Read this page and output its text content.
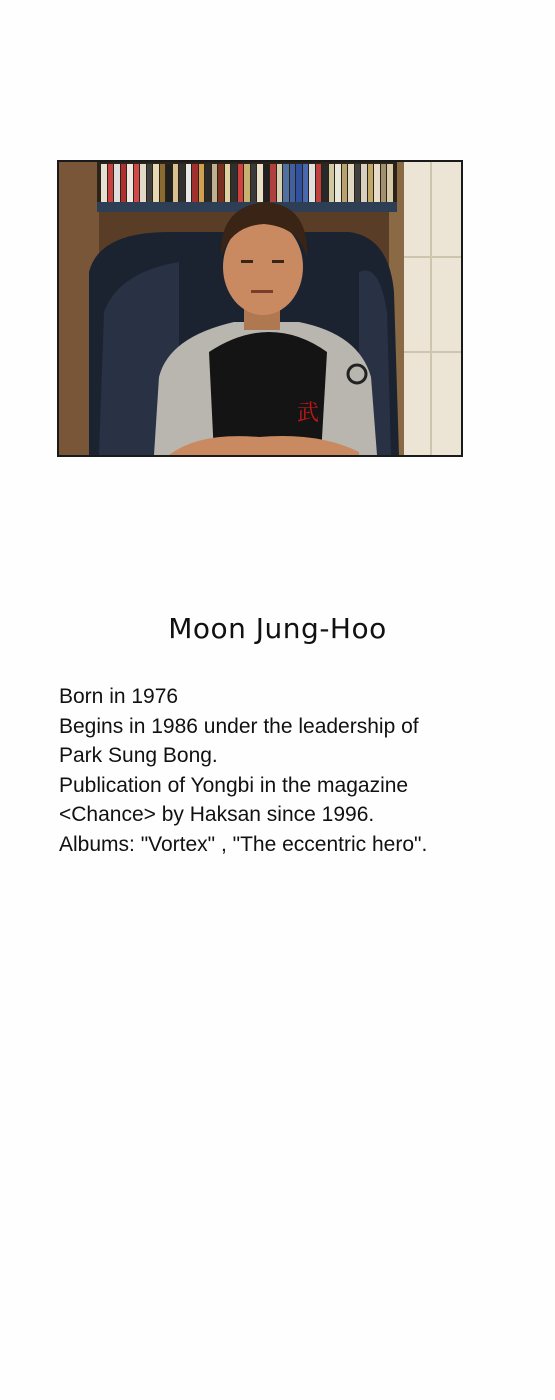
武
Moon Jung-Hoo
Born in 1976
Begins in 1986 under the leadership of
Park Sung Bong.
Publication of Yongbi in the magazine
<Chance> by Haksan since 1996.
Albums: "Vortex" , "The eccentric hero".
